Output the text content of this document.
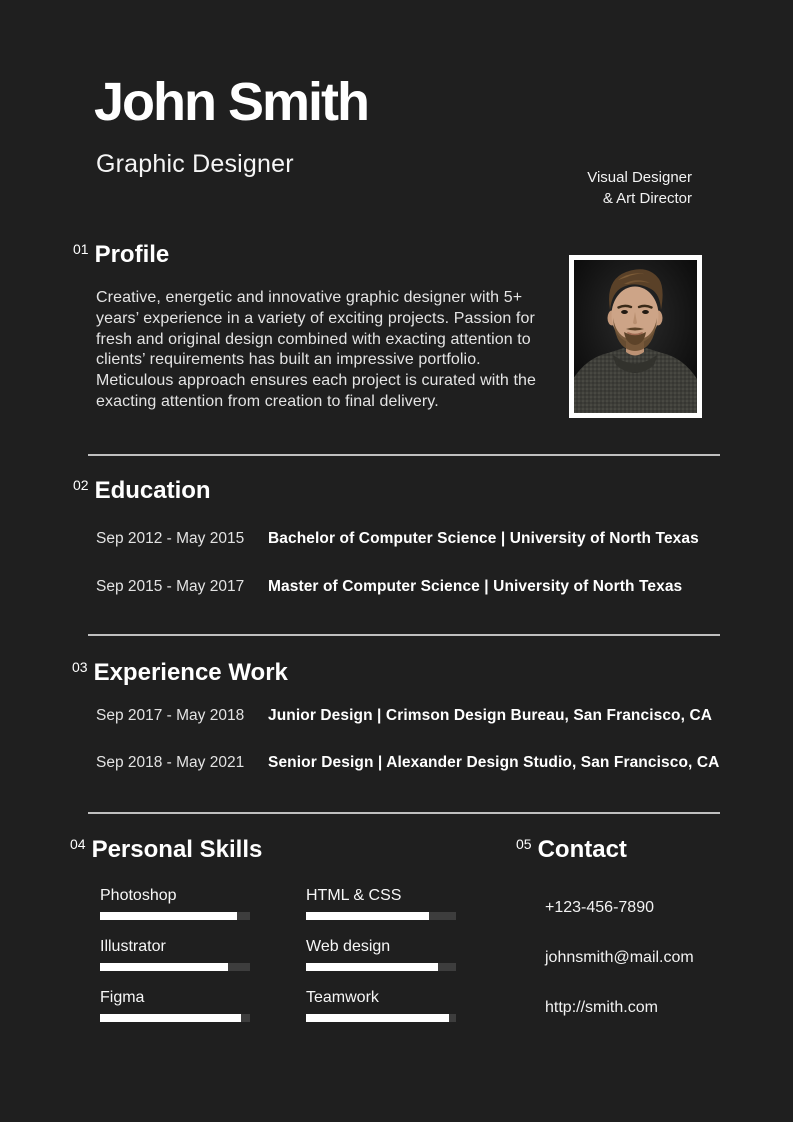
John Smith

Graphic Designer	Visual Designer
& Art Director
01 Profile

Creative, energetic and innovative graphic designer with 5+ years’ experience in a variety of exciting projects. Passion for fresh and original design combined with exacting attention to clients’ requirements has built an impressive portfolio. Meticulous approach ensures each project is curated with the exacting attention from creation to final delivery.

02 Education
Sep 2012 - May 2015	Bachelor of Computer Science | University of North Texas
Sep 2015 - May 2017	Master of Computer Science | University of North Texas
03 Experience Work
Sep 2017 - May 2018	Junior Design | Crimson Design Bureau, San Francisco, CA
Sep 2018 - May 2021	Senior Design | Alexander Design Studio, San Francisco, CA
04 Personal Skills	05 Contact
Photoshop	HTML & CSS
Illustrator	Web design
Figma	Teamwork
+123-456-7890
johnsmith@mail.com
http://smith.com
